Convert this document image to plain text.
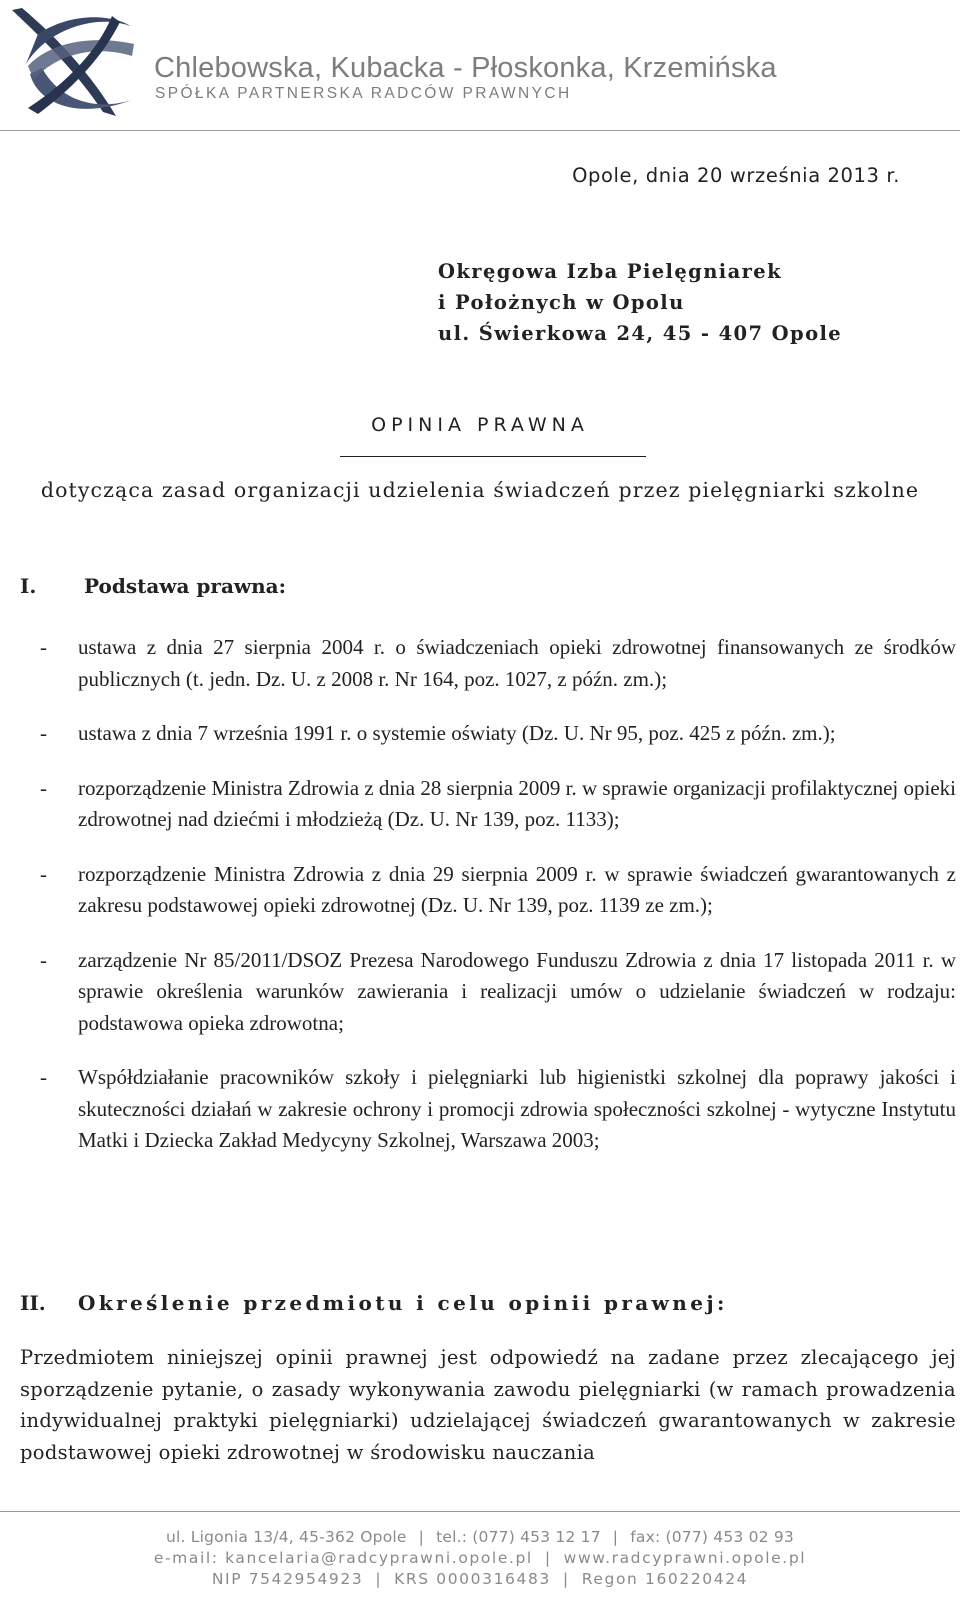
Chlebowska, Kubacka - Płoskonka, Krzemińska
SPÓŁKA PARTNERSKA RADCÓW PRAWNYCH
Opole, dnia 20 września 2013 r.
Okręgowa Izba Pielęgniarek
i Położnych w Opolu
ul. Świerkowa 24, 45 - 407 Opole
OPINIA PRAWNA
dotycząca zasad organizacji udzielenia świadczeń przez pielęgniarki szkolne
I. Podstawa prawna:
- ustawa z dnia 27 sierpnia 2004 r. o świadczeniach opieki zdrowotnej finansowanych ze środków publicznych (t. jedn. Dz. U. z 2008 r. Nr 164, poz. 1027, z późn. zm.);
- ustawa z dnia 7 września 1991 r. o systemie oświaty (Dz. U. Nr 95, poz. 425 z późn. zm.);
- rozporządzenie Ministra Zdrowia z dnia 28 sierpnia 2009 r. w sprawie organizacji profilaktycznej opieki zdrowotnej nad dziećmi i młodzieżą (Dz. U. Nr 139, poz. 1133);
- rozporządzenie Ministra Zdrowia z dnia 29 sierpnia 2009 r. w sprawie świadczeń gwarantowanych z zakresu podstawowej opieki zdrowotnej (Dz. U. Nr 139, poz. 1139 ze zm.);
- zarządzenie Nr 85/2011/DSOZ Prezesa Narodowego Funduszu Zdrowia z dnia 17 listopada 2011 r. w sprawie określenia warunków zawierania i realizacji umów o udzielanie świadczeń w rodzaju: podstawowa opieka zdrowotna;
- Współdziałanie pracowników szkoły i pielęgniarki lub higienistki szkolnej dla poprawy jakości i skuteczności działań w zakresie ochrony i promocji zdrowia społeczności szkolnej - wytyczne Instytutu Matki i Dziecka Zakład Medycyny Szkolnej, Warszawa 2003;
II. Określenie przedmiotu i celu opinii prawnej:
Przedmiotem niniejszej opinii prawnej jest odpowiedź na zadane przez zlecającego jej sporządzenie pytanie, o zasady wykonywania zawodu pielęgniarki (w ramach prowadzenia indywidualnej praktyki pielęgniarki) udzielającej świadczeń gwarantowanych w zakresie podstawowej opieki zdrowotnej w środowisku nauczania
ul. Ligonia 13/4, 45-362 Opole | tel.: (077) 453 12 17 | fax: (077) 453 02 93
e-mail: kancelaria@radcyprawni.opole.pl | www.radcyprawni.opole.pl
NIP 7542954923 | KRS 0000316483 | Regon 160220424
